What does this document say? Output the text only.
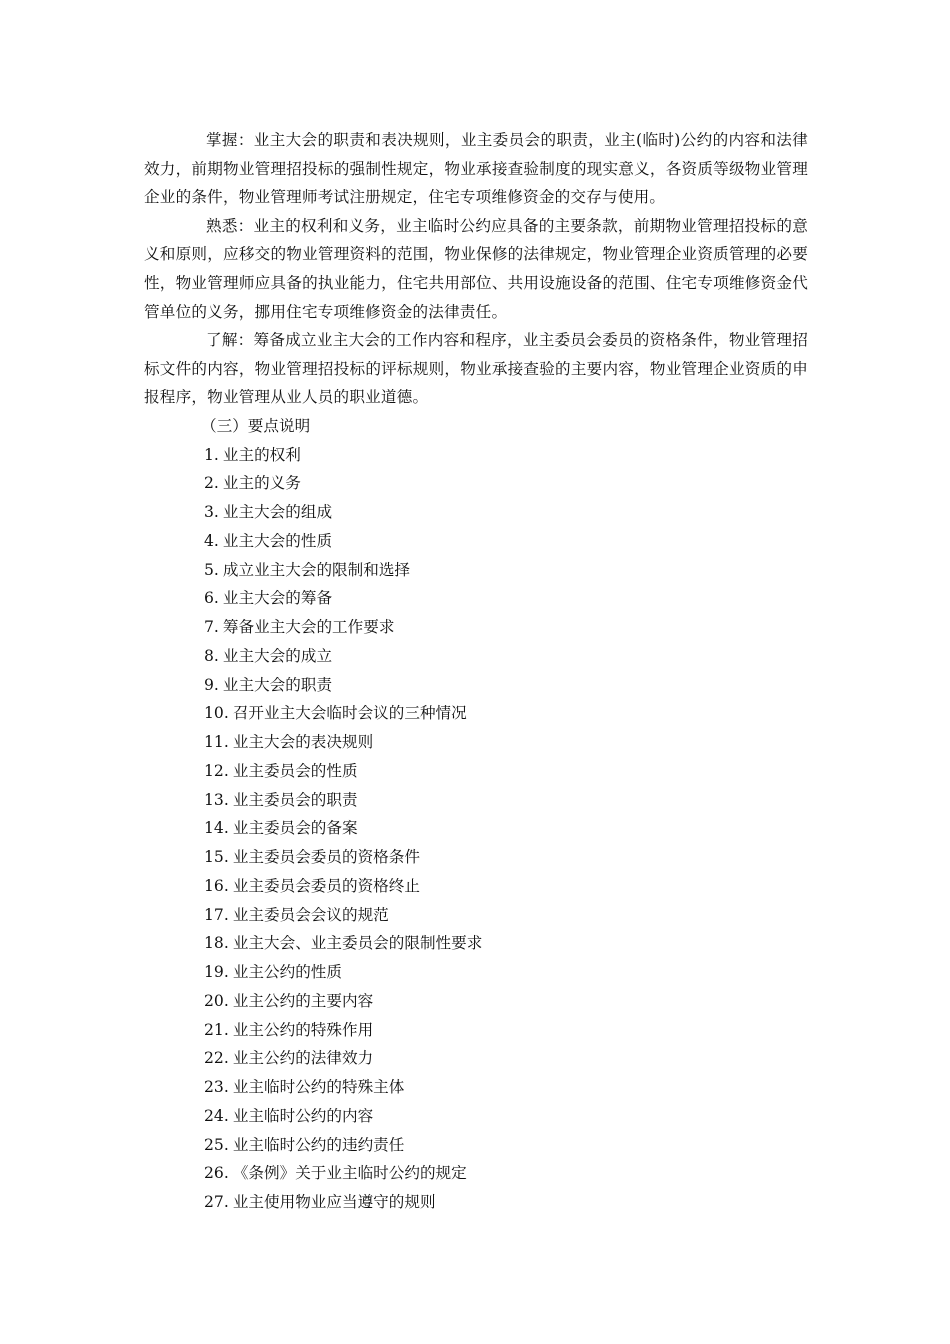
掌握：业主大会的职责和表决规则，业主委员会的职责，业主(临时)公约的内容和法律效力，前期物业管理招投标的强制性规定，物业承接查验制度的现实意义，各资质等级物业管理企业的条件，物业管理师考试注册规定，住宅专项维修资金的交存与使用。

熟悉：业主的权利和义务，业主临时公约应具备的主要条款，前期物业管理招投标的意义和原则，应移交的物业管理资料的范围，物业保修的法律规定，物业管理企业资质管理的必要性，物业管理师应具备的执业能力，住宅共用部位、共用设施设备的范围、住宅专项维修资金代管单位的义务，挪用住宅专项维修资金的法律责任。

了解：筹备成立业主大会的工作内容和程序，业主委员会委员的资格条件，物业管理招标文件的内容，物业管理招投标的评标规则，物业承接查验的主要内容，物业管理企业资质的申报程序，物业管理从业人员的职业道德。

（三）要点说明

1. 业主的权利
2. 业主的义务
3. 业主大会的组成
4. 业主大会的性质
5. 成立业主大会的限制和选择
6. 业主大会的筹备
7. 筹备业主大会的工作要求
8. 业主大会的成立
9. 业主大会的职责
10. 召开业主大会临时会议的三种情况
11. 业主大会的表决规则
12. 业主委员会的性质
13. 业主委员会的职责
14. 业主委员会的备案
15. 业主委员会委员的资格条件
16. 业主委员会委员的资格终止
17. 业主委员会会议的规范
18. 业主大会、业主委员会的限制性要求
19. 业主公约的性质
20. 业主公约的主要内容
21. 业主公约的特殊作用
22. 业主公约的法律效力
23. 业主临时公约的特殊主体
24. 业主临时公约的内容
25. 业主临时公约的违约责任
26. 《条例》关于业主临时公约的规定
27. 业主使用物业应当遵守的规则
